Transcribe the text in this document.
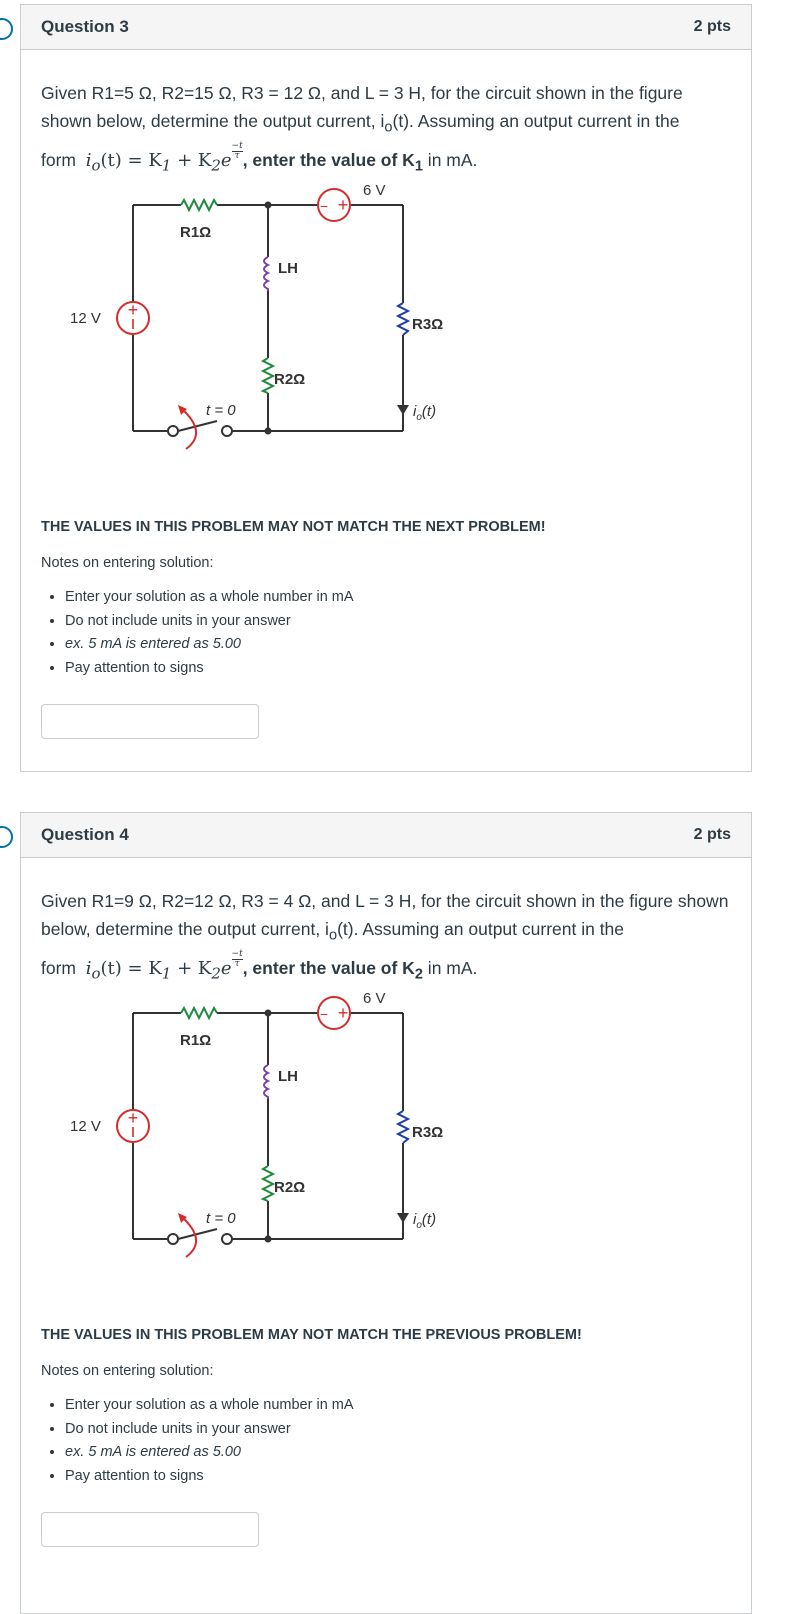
Question 3	2 pts
Given R1=5 Ω, R2=15 Ω, R3 = 12 Ω, and L = 3 H, for the circuit shown in the figure shown below, determine the output current, $i_o(t)$. Assuming an output current in the
form $i_o(t) = K_1 + K_2e \frac{-t}{\tau}$ , enter the value of $K_1$ in mA.
R1Ω
LH
R2Ω
− +
6 V
+
12 V	R3Ω
$i_o(t)$
t = 0
THE VALUES IN THIS PROBLEM MAY NOT MATCH THE NEXT PROBLEM!
Notes on entering solution:
• Enter your solution as a whole number in mA
• Do not include units in your answer
• ex. 5 mA is entered as 5.00
• Pay attention to signs
Question 4	2 pts
Given R1=9 Ω, R2=12 Ω, R3 = 4 Ω, and L = 3 H, for the circuit shown in the figure shown below, determine the output current, $i_o(t)$. Assuming an output current in the
form $i_o(t) = K_1 + K_2e \frac{-t}{\tau}$ , enter the value of $K_2$ in mA.
R1Ω
LH
R2Ω
− +
6 V
+
12 V	R3Ω
$i_o(t)$
t = 0
THE VALUES IN THIS PROBLEM MAY NOT MATCH THE PREVIOUS PROBLEM!
Notes on entering solution:
• Enter your solution as a whole number in mA
• Do not include units in your answer
• ex. 5 mA is entered as 5.00
• Pay attention to signs
